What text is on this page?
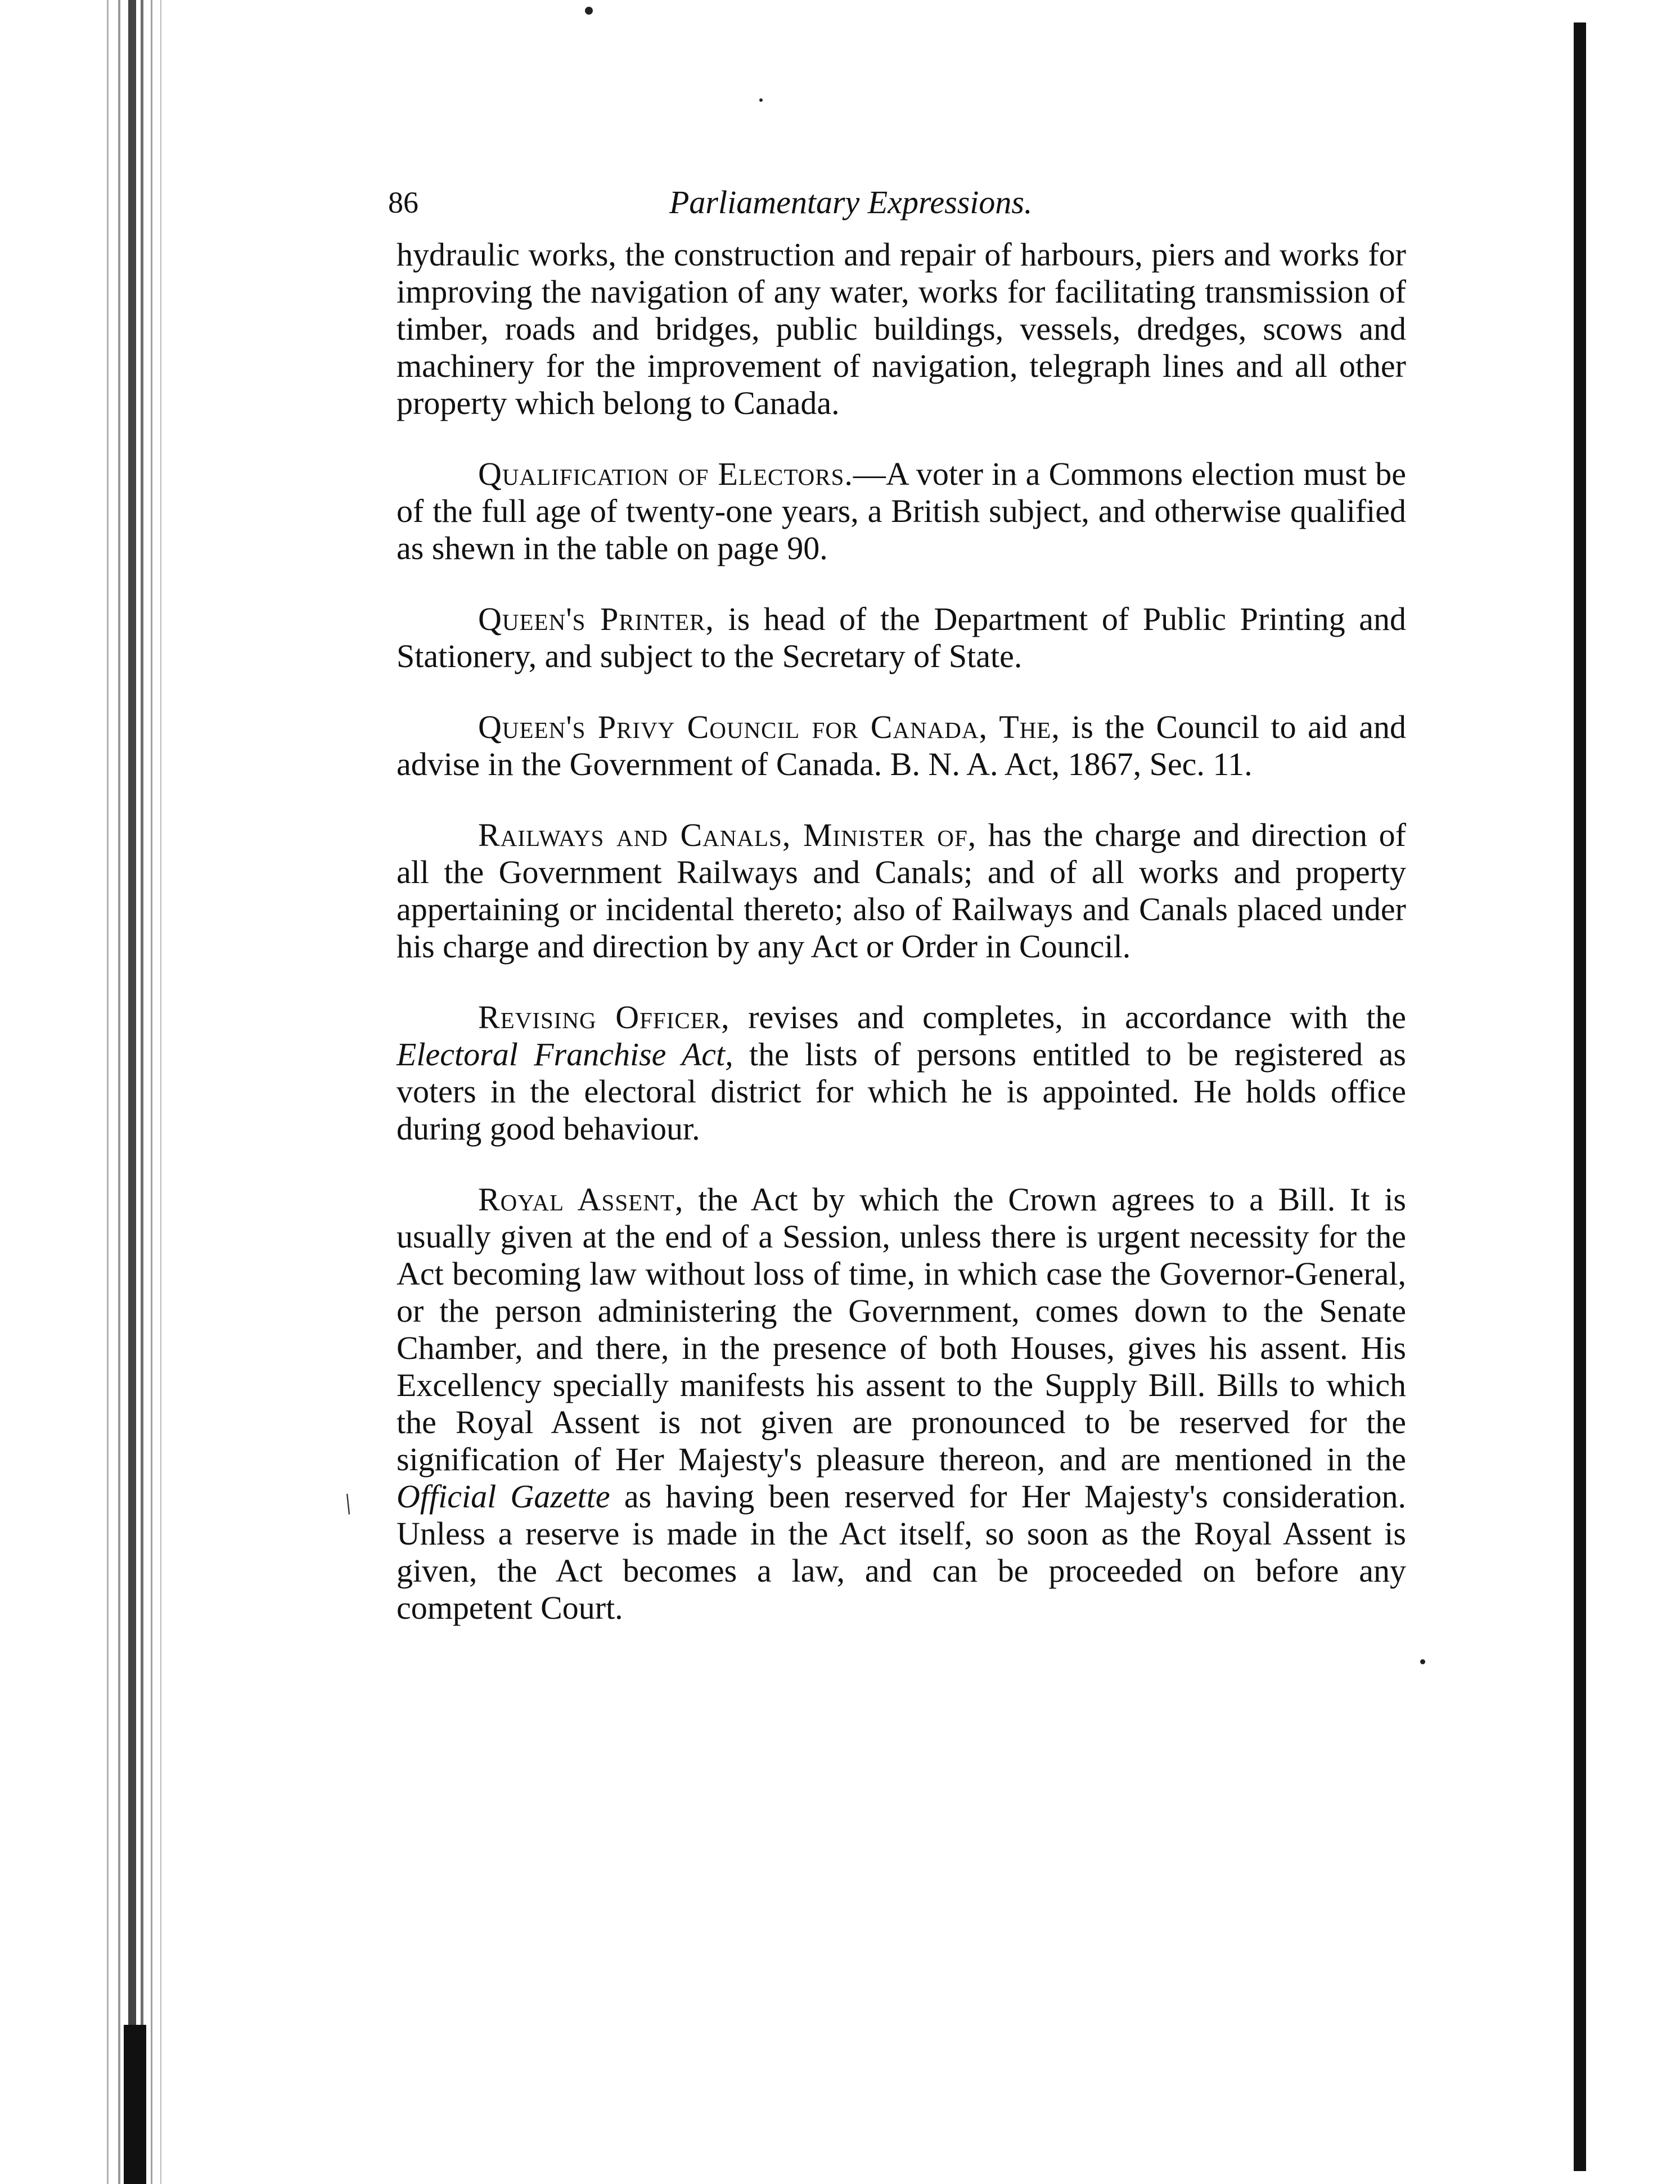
/
86	Parliamentary Expressions.

hydraulic works, the construction and repair of harbours, piers and works for improving the navigation of any water, works for facilitating transmission of timber, roads and bridges, public buildings, vessels, dredges, scows and machinery for the improvement of navigation, telegraph lines and all other property which belong to Canada.

Qualification of Electors.—A voter in a Commons election must be of the full age of twenty-one years, a British subject, and otherwise qualified as shewn in the table on page 90.

Queen's Printer, is head of the Department of Public Printing and Stationery, and subject to the Secretary of State.

Queen's Privy Council for Canada, The, is the Council to aid and advise in the Government of Canada. B. N. A. Act, 1867, Sec. 11.

Railways and Canals, Minister of, has the charge and direction of all the Government Railways and Canals; and of all works and property appertaining or incidental thereto; also of Railways and Canals placed under his charge and direction by any Act or Order in Council.

Revising Officer, revises and completes, in accordance with the Electoral Franchise Act, the lists of persons entitled to be registered as voters in the electoral district for which he is appointed. He holds office during good behaviour.

Royal Assent, the Act by which the Crown agrees to a Bill. It is usually given at the end of a Session, unless there is urgent necessity for the Act becoming law without loss of time, in which case the Governor-General, or the person administering the Government, comes down to the Senate Chamber, and there, in the presence of both Houses, gives his assent. His Excellency specially manifests his assent to the Supply Bill. Bills to which the Royal Assent is not given are pronounced to be reserved for the signification of Her Majesty's pleasure thereon, and are mentioned in the Official Gazette as having been reserved for Her Majesty's consideration. Unless a reserve is made in the Act itself, so soon as the Royal Assent is given, the Act becomes a law, and can be proceeded on before any competent Court.
